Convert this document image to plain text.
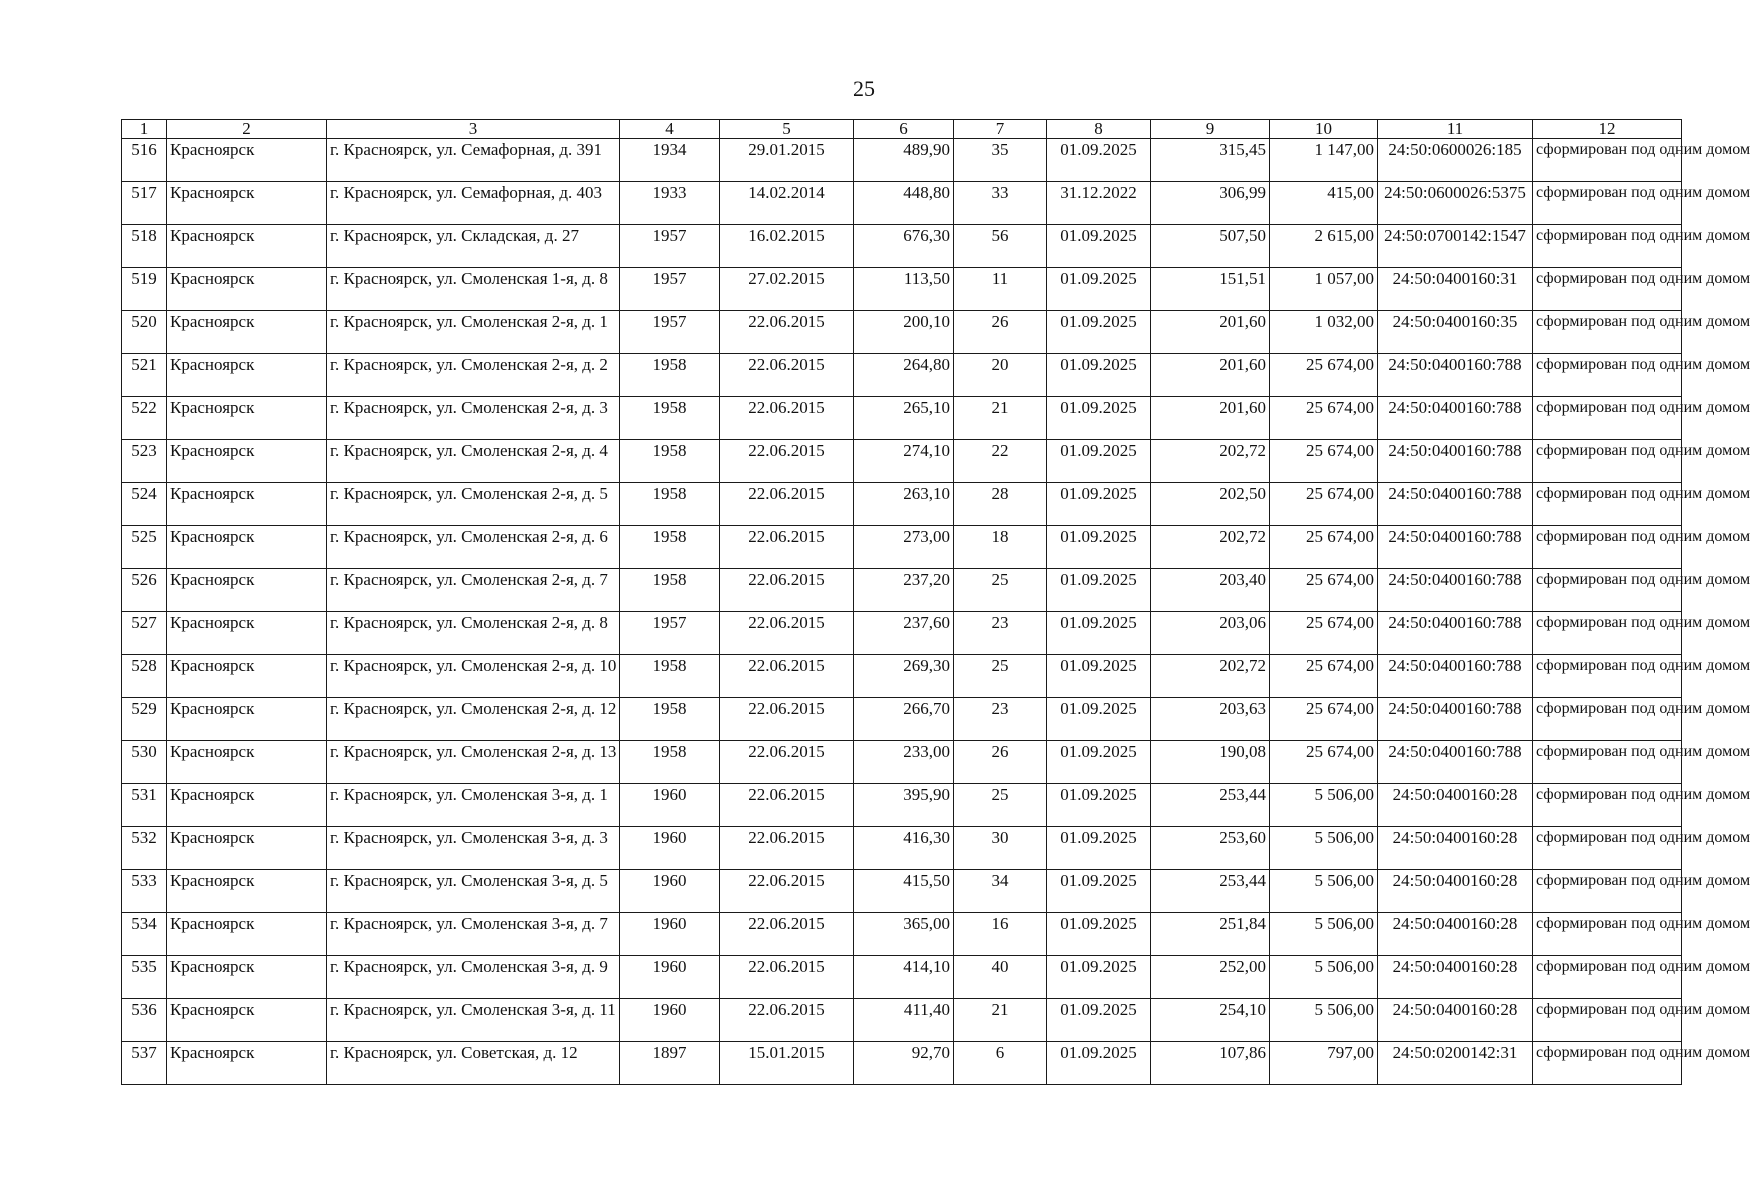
25
1	2	3	4	5	6	7	8	9	10	11	12
516	Красноярск	г. Красноярск, ул. Семафорная, д. 391	1934	29.01.2015	489,90	35	01.09.2025	315,45	1 147,00	24:50:0600026:185	сформирован под одним домом
517	Красноярск	г. Красноярск, ул. Семафорная, д. 403	1933	14.02.2014	448,80	33	31.12.2022	306,99	415,00	24:50:0600026:5375	сформирован под одним домом
518	Красноярск	г. Красноярск, ул. Складская, д. 27	1957	16.02.2015	676,30	56	01.09.2025	507,50	2 615,00	24:50:0700142:1547	сформирован под одним домом
519	Красноярск	г. Красноярск, ул. Смоленская 1-я, д. 8	1957	27.02.2015	113,50	11	01.09.2025	151,51	1 057,00	24:50:0400160:31	сформирован под одним домом
520	Красноярск	г. Красноярск, ул. Смоленская 2-я, д. 1	1957	22.06.2015	200,10	26	01.09.2025	201,60	1 032,00	24:50:0400160:35	сформирован под одним домом
521	Красноярск	г. Красноярск, ул. Смоленская 2-я, д. 2	1958	22.06.2015	264,80	20	01.09.2025	201,60	25 674,00	24:50:0400160:788	сформирован под одним домом
522	Красноярск	г. Красноярск, ул. Смоленская 2-я, д. 3	1958	22.06.2015	265,10	21	01.09.2025	201,60	25 674,00	24:50:0400160:788	сформирован под одним домом
523	Красноярск	г. Красноярск, ул. Смоленская 2-я, д. 4	1958	22.06.2015	274,10	22	01.09.2025	202,72	25 674,00	24:50:0400160:788	сформирован под одним домом
524	Красноярск	г. Красноярск, ул. Смоленская 2-я, д. 5	1958	22.06.2015	263,10	28	01.09.2025	202,50	25 674,00	24:50:0400160:788	сформирован под одним домом
525	Красноярск	г. Красноярск, ул. Смоленская 2-я, д. 6	1958	22.06.2015	273,00	18	01.09.2025	202,72	25 674,00	24:50:0400160:788	сформирован под одним домом
526	Красноярск	г. Красноярск, ул. Смоленская 2-я, д. 7	1958	22.06.2015	237,20	25	01.09.2025	203,40	25 674,00	24:50:0400160:788	сформирован под одним домом
527	Красноярск	г. Красноярск, ул. Смоленская 2-я, д. 8	1957	22.06.2015	237,60	23	01.09.2025	203,06	25 674,00	24:50:0400160:788	сформирован под одним домом
528	Красноярск	г. Красноярск, ул. Смоленская 2-я, д. 10	1958	22.06.2015	269,30	25	01.09.2025	202,72	25 674,00	24:50:0400160:788	сформирован под одним домом
529	Красноярск	г. Красноярск, ул. Смоленская 2-я, д. 12	1958	22.06.2015	266,70	23	01.09.2025	203,63	25 674,00	24:50:0400160:788	сформирован под одним домом
530	Красноярск	г. Красноярск, ул. Смоленская 2-я, д. 13	1958	22.06.2015	233,00	26	01.09.2025	190,08	25 674,00	24:50:0400160:788	сформирован под одним домом
531	Красноярск	г. Красноярск, ул. Смоленская 3-я, д. 1	1960	22.06.2015	395,90	25	01.09.2025	253,44	5 506,00	24:50:0400160:28	сформирован под одним домом
532	Красноярск	г. Красноярск, ул. Смоленская 3-я, д. 3	1960	22.06.2015	416,30	30	01.09.2025	253,60	5 506,00	24:50:0400160:28	сформирован под одним домом
533	Красноярск	г. Красноярск, ул. Смоленская 3-я, д. 5	1960	22.06.2015	415,50	34	01.09.2025	253,44	5 506,00	24:50:0400160:28	сформирован под одним домом
534	Красноярск	г. Красноярск, ул. Смоленская 3-я, д. 7	1960	22.06.2015	365,00	16	01.09.2025	251,84	5 506,00	24:50:0400160:28	сформирован под одним домом
535	Красноярск	г. Красноярск, ул. Смоленская 3-я, д. 9	1960	22.06.2015	414,10	40	01.09.2025	252,00	5 506,00	24:50:0400160:28	сформирован под одним домом
536	Красноярск	г. Красноярск, ул. Смоленская 3-я, д. 11	1960	22.06.2015	411,40	21	01.09.2025	254,10	5 506,00	24:50:0400160:28	сформирован под одним домом
537	Красноярск	г. Красноярск, ул. Советская, д. 12	1897	15.01.2015	92,70	6	01.09.2025	107,86	797,00	24:50:0200142:31	сформирован под одним домом
